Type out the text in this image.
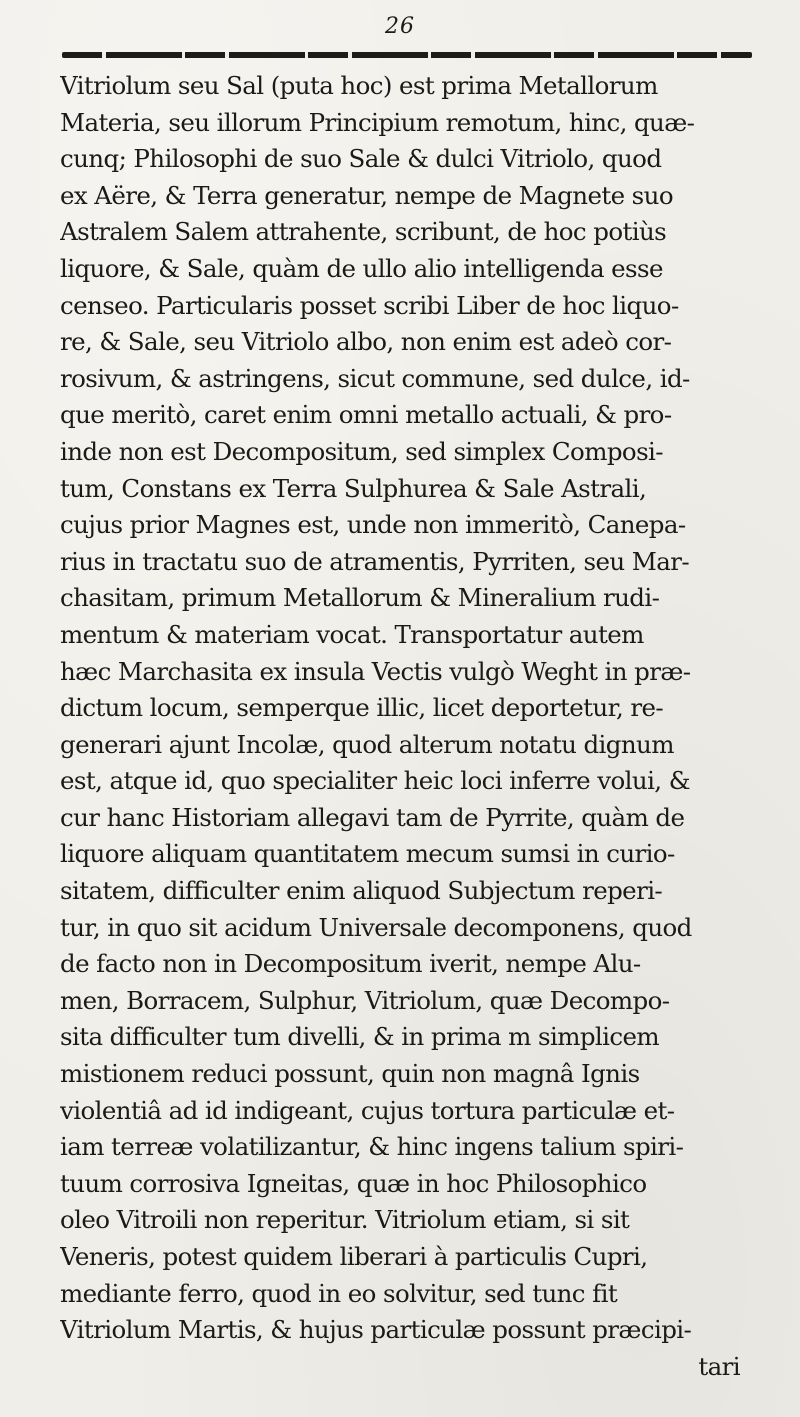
26
Vitriolum seu Sal (puta hoc) est prima Metallorum
Materia, seu illorum Principium remotum, hinc, quæ-
cunq; Philosophi de suo Sale & dulci Vitriolo, quod
ex Aëre, & Terra generatur, nempe de Magnete suo
Astralem Salem attrahente, scribunt, de hoc potiùs
liquore, & Sale, quàm de ullo alio intelligenda esse
censeo. Particularis posset scribi Liber de hoc liquo-
re, & Sale, seu Vitriolo albo, non enim est adeò cor-
rosivum, & astringens, sicut commune, sed dulce, id-
que meritò, caret enim omni metallo actuali, & pro-
inde non est Decompositum, sed simplex Composi-
tum, Constans ex Terra Sulphurea & Sale Astrali,
cujus prior Magnes est, unde non immeritò, Canepa-
rius in tractatu suo de atramentis, Pyrriten, seu Mar-
chasitam, primum Metallorum & Mineralium rudi-
mentum & materiam vocat. Transportatur autem
hæc Marchasita ex insula Vectis vulgò Weght in præ-
dictum locum, semperque illic, licet deportetur, re-
generari ajunt Incolæ, quod alterum notatu dignum
est, atque id, quo specialiter heic loci inferre volui, &
cur hanc Historiam allegavi tam de Pyrrite, quàm de
liquore aliquam quantitatem mecum sumsi in curio-
sitatem, difficulter enim aliquod Subjectum reperi-
tur, in quo sit acidum Universale decomponens, quod
de facto non in Decompositum iverit, nempe Alu-
men, Borracem, Sulphur, Vitriolum, quæ Decompo-
sita difficulter tum divelli, & in prima m simplicem
mistionem reduci possunt, quin non magnâ Ignis
violentiâ ad id indigeant, cujus tortura particulæ et-
iam terreæ volatilizantur, & hinc ingens talium spiri-
tuum corrosiva Igneitas, quæ in hoc Philosophico
oleo Vitroili non reperitur. Vitriolum etiam, si sit
Veneris, potest quidem liberari à particulis Cupri,
mediante ferro, quod in eo solvitur, sed tunc fit
Vitriolum Martis, & hujus particulæ possunt præcipi-
tari
